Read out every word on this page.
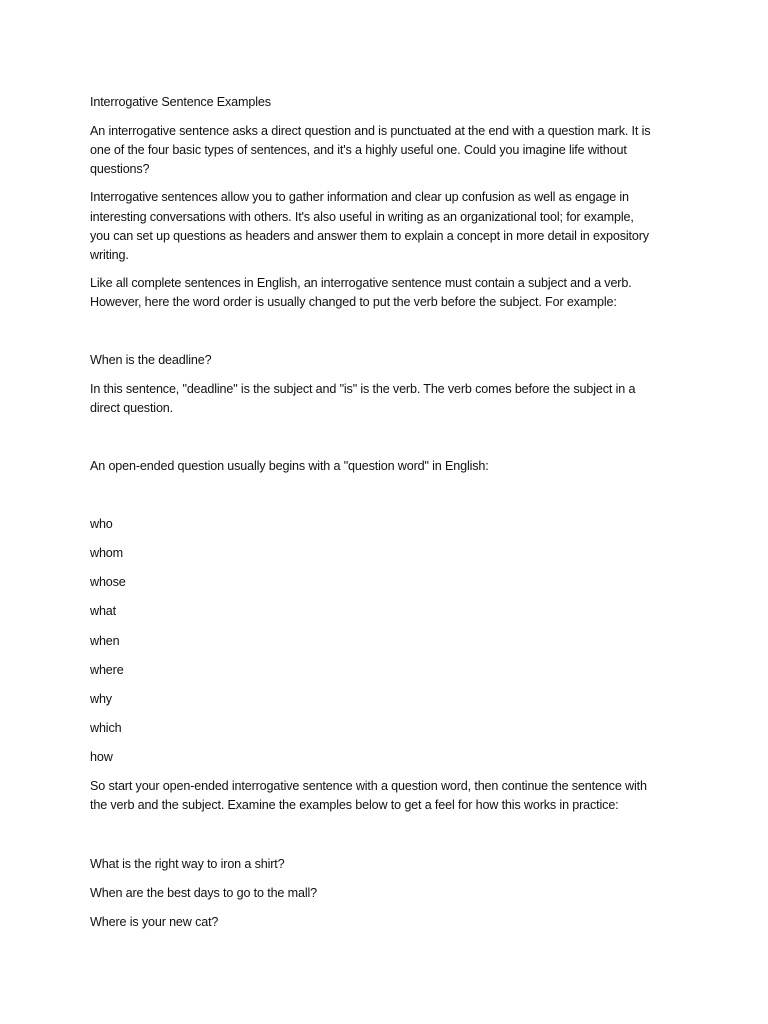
Interrogative Sentence Examples
An interrogative sentence asks a direct question and is punctuated at the end with a question mark. It is
one of the four basic types of sentences, and it's a highly useful one. Could you imagine life without
questions?
Interrogative sentences allow you to gather information and clear up confusion as well as engage in
interesting conversations with others. It's also useful in writing as an organizational tool; for example,
you can set up questions as headers and answer them to explain a concept in more detail in expository
writing.
Like all complete sentences in English, an interrogative sentence must contain a subject and a verb.
However, here the word order is usually changed to put the verb before the subject. For example:
When is the deadline?
In this sentence, "deadline" is the subject and "is" is the verb. The verb comes before the subject in a
direct question.
An open-ended question usually begins with a "question word" in English:
who
whom
whose
what
when
where
why
which
how
So start your open-ended interrogative sentence with a question word, then continue the sentence with
the verb and the subject. Examine the examples below to get a feel for how this works in practice:
What is the right way to iron a shirt?
When are the best days to go to the mall?
Where is your new cat?
